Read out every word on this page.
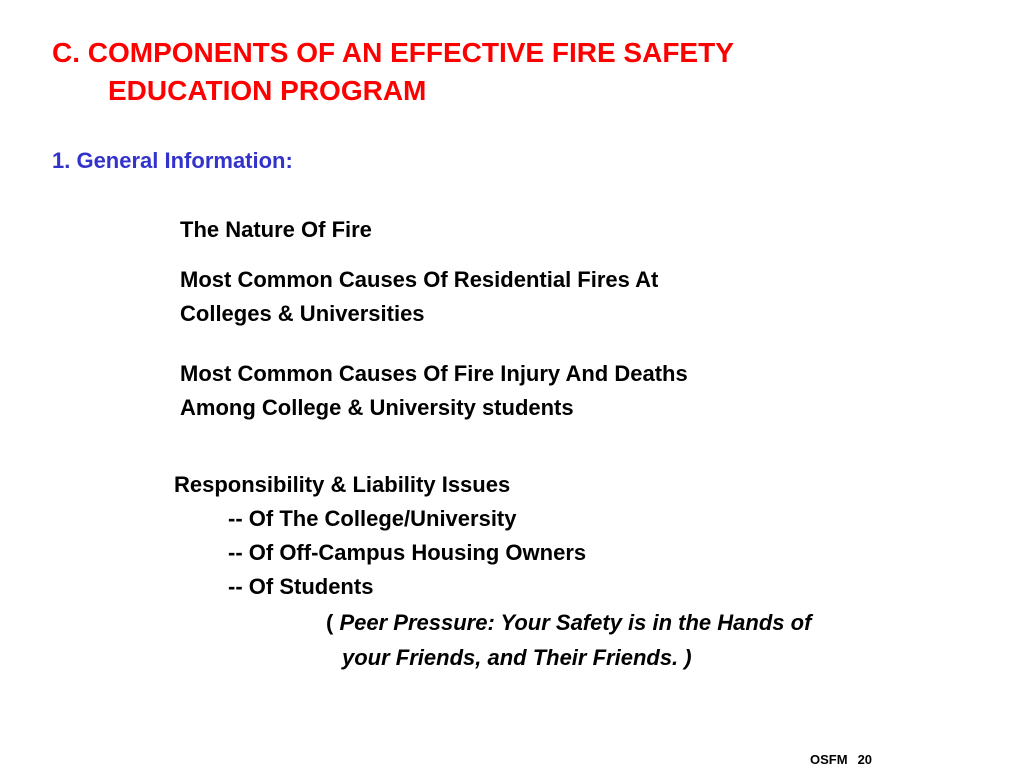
C. COMPONENTS OF AN EFFECTIVE FIRE SAFETY
EDUCATION PROGRAM

1. General Information:

The Nature Of Fire

Most Common Causes Of Residential Fires At
Colleges & Universities

Most Common Causes Of Fire Injury And Deaths
Among College & University students

Responsibility & Liability Issues
-- Of The College/University
-- Of Off-Campus Housing Owners
-- Of Students
( Peer Pressure: Your Safety is in the Hands of
your Friends, and Their Friends. )
OSFM 20
